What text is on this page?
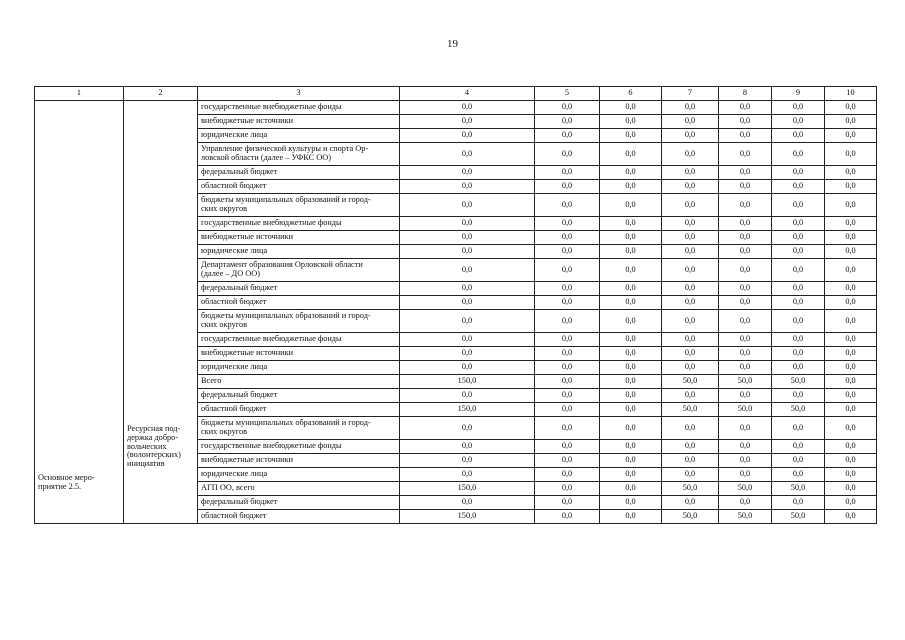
19
1	2	3	4	5	6	7	8	9	10

Основное меро-
приятие 2.5.	Ресурсная под-
держка добро-
вольческих
(волонтерских)
инициатив	государственные внебюджетные фонды	0,0	0,0	0,0	0,0	0,0	0,0	0,0
		внебюджетные источники	0,0	0,0	0,0	0,0	0,0	0,0	0,0
		юридические лица	0,0	0,0	0,0	0,0	0,0	0,0	0,0
		Управление физической культуры и спорта Ор-
ловской области (далее – УФКС ОО)	0,0	0,0	0,0	0,0	0,0	0,0	0,0
		федеральный бюджет	0,0	0,0	0,0	0,0	0,0	0,0	0,0
		областной бюджет	0,0	0,0	0,0	0,0	0,0	0,0	0,0
		бюджеты муниципальных образований и город-
ских округов	0,0	0,0	0,0	0,0	0,0	0,0	0,0
		государственные внебюджетные фонды	0,0	0,0	0,0	0,0	0,0	0,0	0,0
		внебюджетные источники	0,0	0,0	0,0	0,0	0,0	0,0	0,0
		юридические лица	0,0	0,0	0,0	0,0	0,0	0,0	0,0
		Департамент образования Орловской области
(далее – ДО ОО)	0,0	0,0	0,0	0,0	0,0	0,0	0,0
		федеральный бюджет	0,0	0,0	0,0	0,0	0,0	0,0	0,0
		областной бюджет	0,0	0,0	0,0	0,0	0,0	0,0	0,0
		бюджеты муниципальных образований и город-
ских округов	0,0	0,0	0,0	0,0	0,0	0,0	0,0
		государственные внебюджетные фонды	0,0	0,0	0,0	0,0	0,0	0,0	0,0
		внебюджетные источники	0,0	0,0	0,0	0,0	0,0	0,0	0,0
		юридические лица	0,0	0,0	0,0	0,0	0,0	0,0	0,0
		Всего	150,0	0,0	0,0	50,0	50,0	50,0	0,0
		федеральный бюджет	0,0	0,0	0,0	0,0	0,0	0,0	0,0
		областной бюджет	150,0	0,0	0,0	50,0	50,0	50,0	0,0
		бюджеты муниципальных образований и город-
ских округов	0,0	0,0	0,0	0,0	0,0	0,0	0,0
		государственные внебюджетные фонды	0,0	0,0	0,0	0,0	0,0	0,0	0,0
		внебюджетные источники	0,0	0,0	0,0	0,0	0,0	0,0	0,0
		юридические лица	0,0	0,0	0,0	0,0	0,0	0,0	0,0
		АГП ОО, всего	150,0	0,0	0,0	50,0	50,0	50,0	0,0
		федеральный бюджет	0,0	0,0	0,0	0,0	0,0	0,0	0,0
		областной бюджет	150,0	0,0	0,0	50,0	50,0	50,0	0,0
